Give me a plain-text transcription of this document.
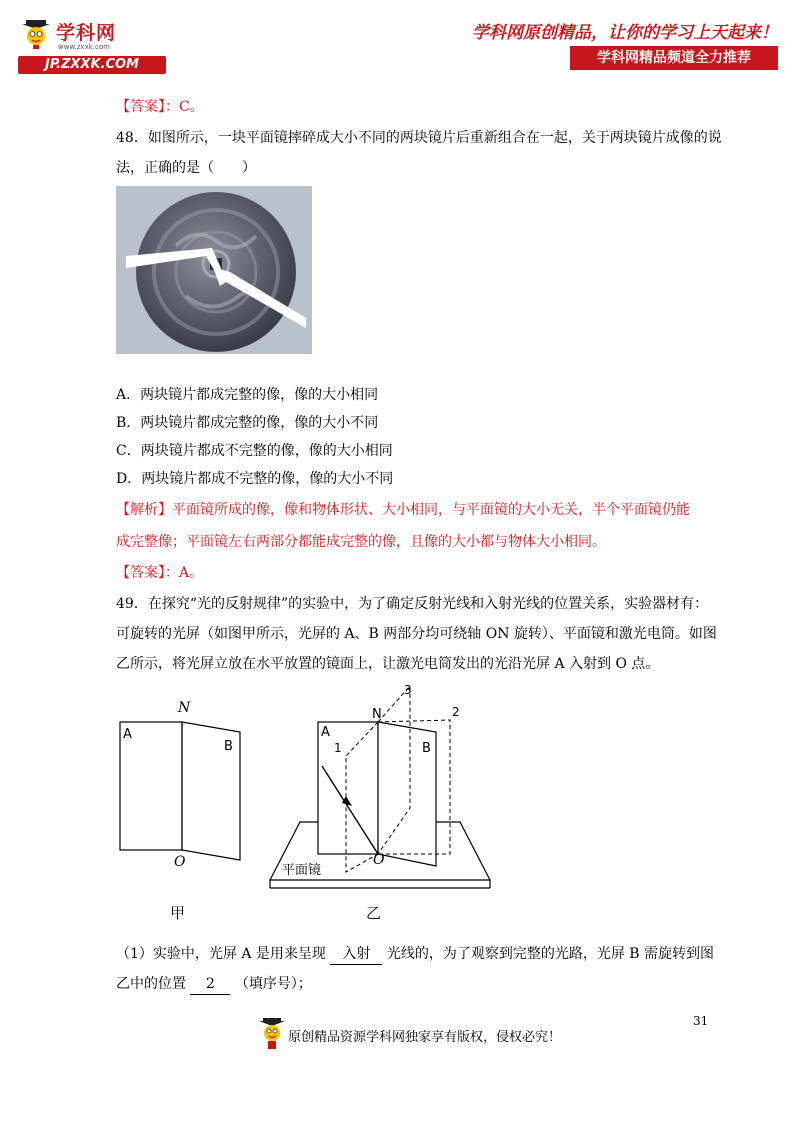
学科网
www.zxxk.com
JP.ZXXK.COM
学科网原创精品，让你的学习上天起来！
学科网精品频道全力推荐
【答案】：C。
48．如图所示，一块平面镜摔碎成大小不同的两块镜片后重新组合在一起，关于两块镜片成像的说
法，正确的是（　　）
A．两块镜片都成完整的像，像的大小相同
B．两块镜片都成完整的像，像的大小不同
C．两块镜片都成不完整的像，像的大小相同
D．两块镜片都成不完整的像，像的大小不同
【解析】平面镜所成的像，像和物体形状、大小相同，与平面镜的大小无关，半个平面镜仍能
成完整像；平面镜左右两部分都能成完整的像，且像的大小都与物体大小相同。
【答案】：A。
49．在探究“光的反射规律”的实验中，为了确定反射光线和入射光线的位置关系，实验器材有：
可旋转的光屏（如图甲所示，光屏的 A、B 两部分均可绕轴 ON 旋转）、平面镜和激光电筒。如图
乙所示，将光屏立放在水平放置的镜面上，让激光电筒发出的光沿光屏 A 入射到 O 点。
N
A
B
O
N
A
B
O
1
2
3
平面镜
甲	乙
（1）实验中，光屏 A 是用来呈现 入射 光线的，为了观察到完整的光路，光屏 B 需旋转到图
乙中的位置 2 （填序号）；
31
原创精品资源学科网独家享有版权，侵权必究！
